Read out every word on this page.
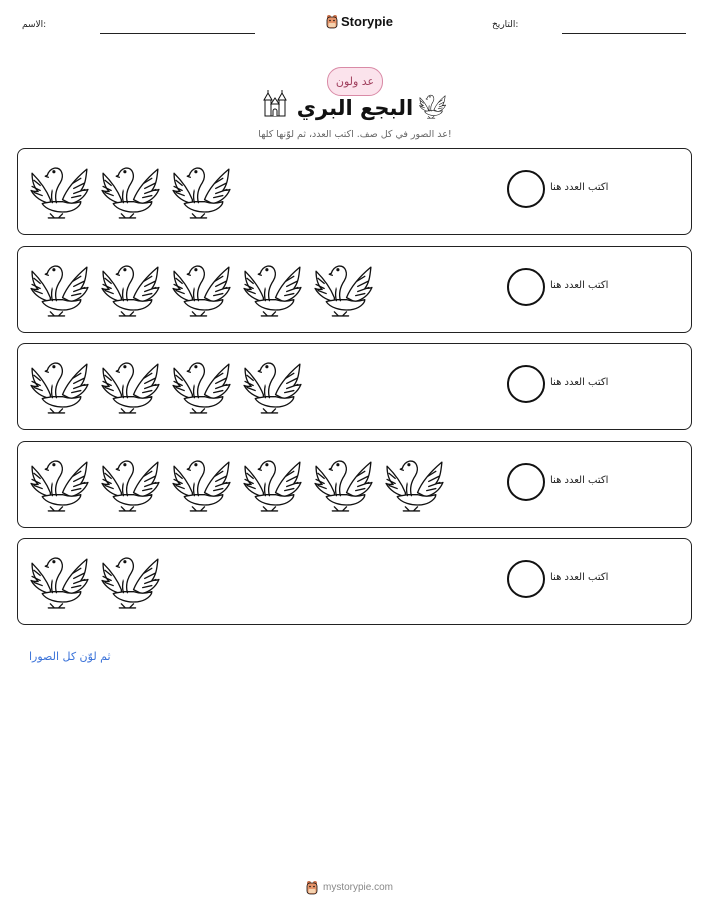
الاسم:	Storypie	التاريخ:
عد ولون
البجع البري
عد الصور في كل صف. اكتب العدد، ثم لوّنها كلها!
اكتب العدد هنا
اكتب العدد هنا
اكتب العدد هنا
اكتب العدد هنا
اكتب العدد هنا
ثم لوّن كل الصورا
mystorypie.com
